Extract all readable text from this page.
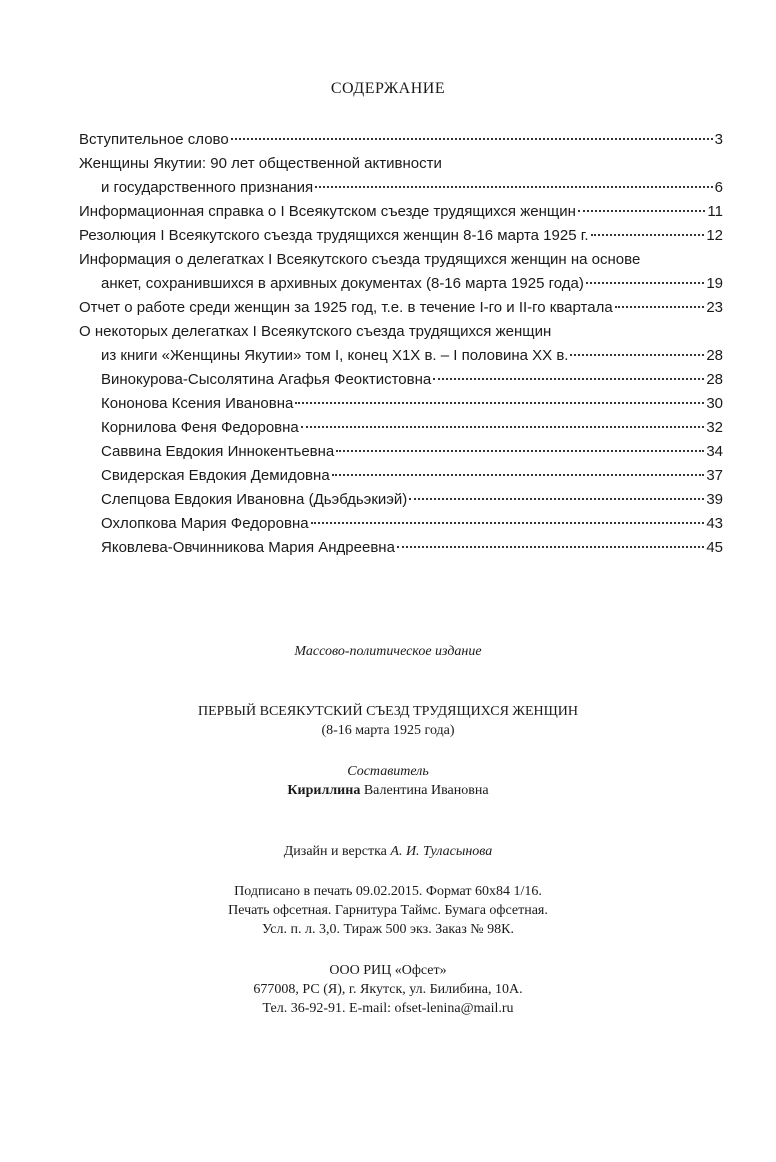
СОДЕРЖАНИЕ
Вступительное слово	3
Женщины Якутии: 90 лет общественной активности
и государственного признания	6
Информационная справка о I Всеякутском съезде трудящихся женщин	11
Резолюция I Всеякутского съезда трудящихся женщин 8-16 марта 1925 г.	12
Информация о делегатках I Всеякутского съезда трудящихся женщин на основе
анкет, сохранившихся в архивных документах (8-16 марта 1925 года)	19
Отчет о работе среди женщин за 1925 год, т.е. в течение I-го и II-го квартала	23
О некоторых делегатках I Всеякутского съезда трудящихся женщин
из книги «Женщины Якутии» том I, конец X1X в. – I половина XX в.	28
Винокурова-Сысолятина Агафья Феоктистовна	28
Кононова Ксения Ивановна	30
Корнилова Феня Федоровна	32
Саввина Евдокия Иннокентьевна	34
Свидерская Евдокия Демидовна	37
Слепцова Евдокия Ивановна (Дьэбдьэкиэй)	39
Охлопкова Мария Федоровна	43
Яковлева-Овчинникова Мария Андреевна	45
Массово-политическое издание
ПЕРВЫЙ ВСЕЯКУТСКИЙ СЪЕЗД ТРУДЯЩИХСЯ ЖЕНЩИН
(8-16 марта 1925 года)
Составитель
Кириллина Валентина Ивановна
Дизайн и верстка А. И. Туласынова
Подписано в печать 09.02.2015. Формат 60х84 1/16.
Печать офсетная. Гарнитура Таймс. Бумага офсетная.
Усл. п. л. 3,0. Тираж 500 экз. Заказ № 98К.
ООО РИЦ «Офсет»
677008, РС (Я), г. Якутск, ул. Билибина, 10А.
Тел. 36-92-91. E-mail: ofset-lenina@mail.ru
